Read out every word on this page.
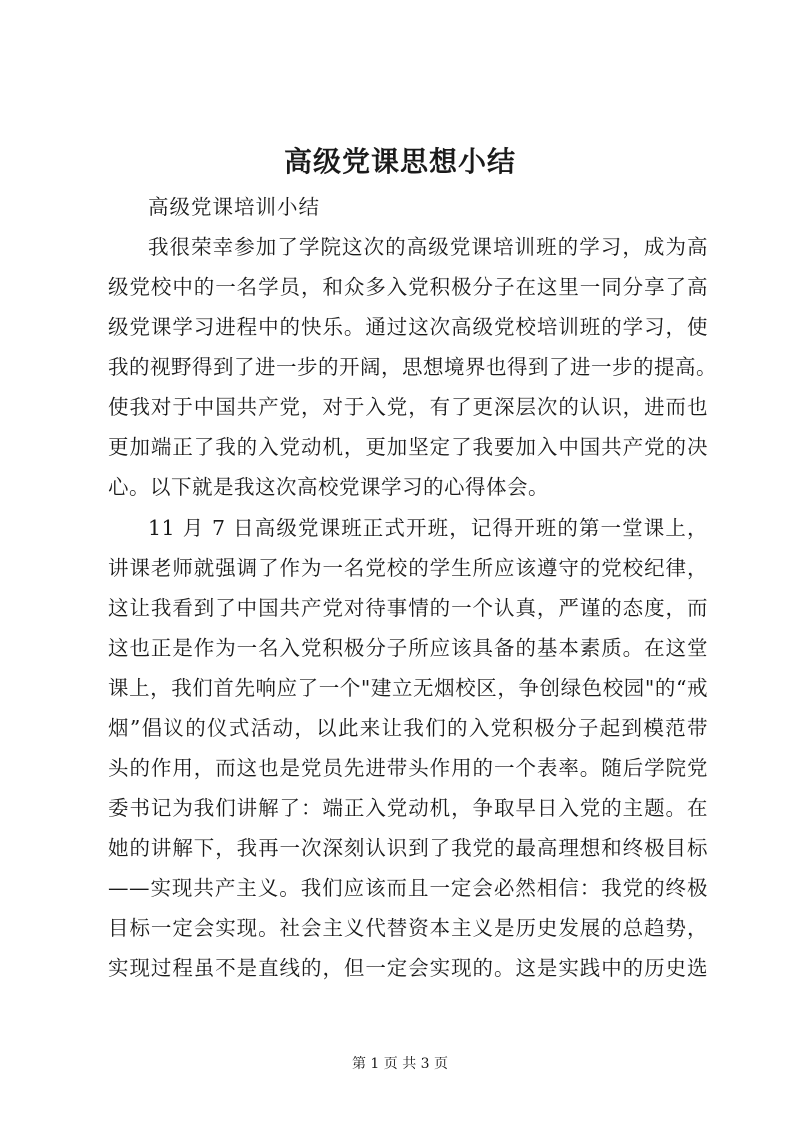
高级党课思想小结
高级党课培训小结
我很荣幸参加了学院这次的高级党课培训班的学习，成为高
级党校中的一名学员，和众多入党积极分子在这里一同分享了高
级党课学习进程中的快乐。通过这次高级党校培训班的学习，使
我的视野得到了进一步的开阔，思想境界也得到了进一步的提高。
使我对于中国共产党，对于入党，有了更深层次的认识，进而也
更加端正了我的入党动机，更加坚定了我要加入中国共产党的决
心。以下就是我这次高校党课学习的心得体会。
11 月 7 日高级党课班正式开班，记得开班的第一堂课上，
讲课老师就强调了作为一名党校的学生所应该遵守的党校纪律，
这让我看到了中国共产党对待事情的一个认真，严谨的态度，而
这也正是作为一名入党积极分子所应该具备的基本素质。在这堂
课上，我们首先响应了一个"建立无烟校区，争创绿色校园"的“戒
烟”倡议的仪式活动，以此来让我们的入党积极分子起到模范带
头的作用，而这也是党员先进带头作用的一个表率。随后学院党
委书记为我们讲解了：端正入党动机，争取早日入党的主题。在
她的讲解下，我再一次深刻认识到了我党的最高理想和终极目标
——实现共产主义。我们应该而且一定会必然相信：我党的终极
目标一定会实现。社会主义代替资本主义是历史发展的总趋势，
实现过程虽不是直线的，但一定会实现的。这是实践中的历史选
第 1 页 共 3 页
